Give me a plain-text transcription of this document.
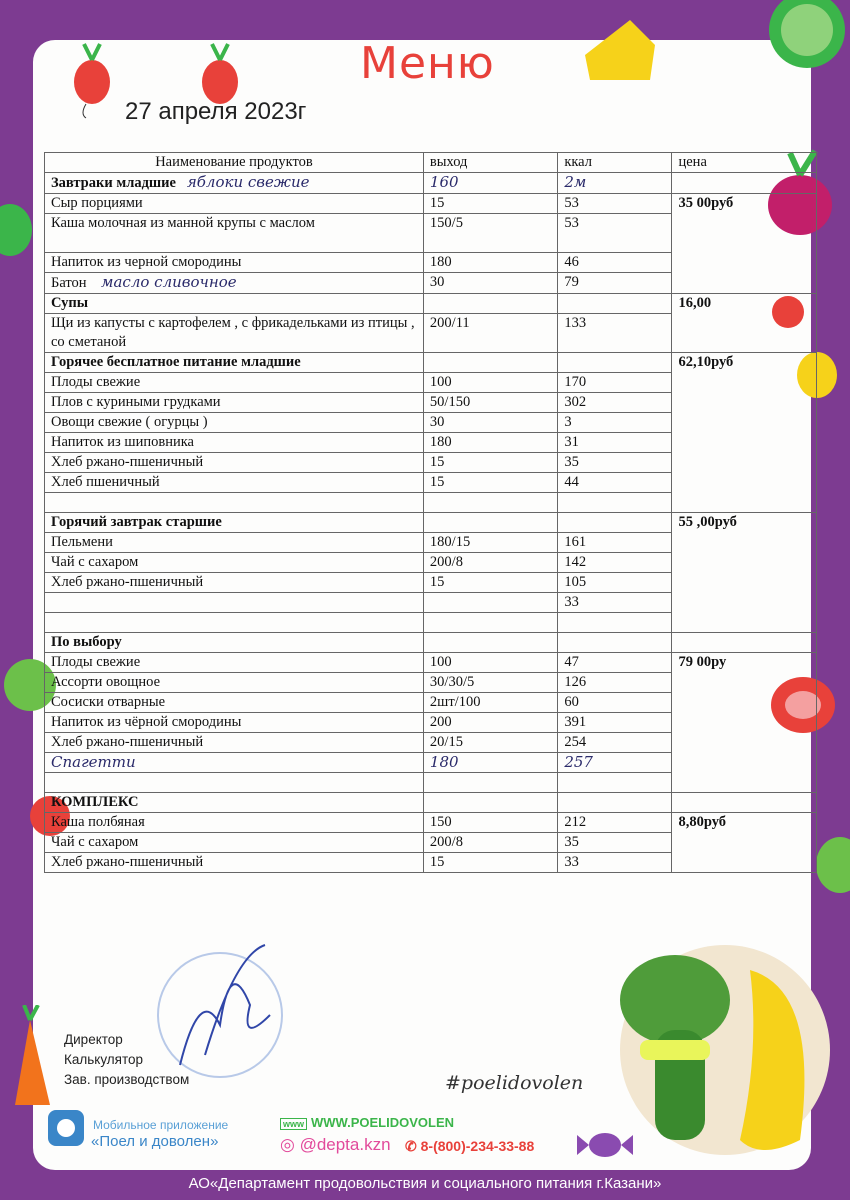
Меню
27 апреля 2023г
Наименование продуктов	выход	ккал	цена
Завтраки младшие яблоки свежие	160	2м	
Сыр порциями	15	53	35 00руб
Каша молочная из манной крупы с маслом	150/5	53	
Напиток из черной смородины	180	46	
Батон масло сливочное	30	79	
Супы			16,00
Щи из капусты с картофелем , с фрикадельками из птицы , со сметаной	200/11	133	
Горячее бесплатное питание младшие			62,10руб
Плоды свежие	100	170	
Плов с куриными грудками	50/150	302	
Овощи свежие ( огурцы )	30	3	
Напиток из шиповника	180	31	
Хлеб ржано-пшеничный	15	35	
Хлеб пшеничный	15	44	

Горячий завтрак старшие			55 ,00руб
Пельмени	180/15	161	
Чай с сахаром	200/8	142	
Хлеб ржано-пшеничный	15	105	
		33	

По выбору			
Плоды свежие	100	47	79 00ру
Ассорти овощное	30/30/5	126	
Сосиски отварные	2шт/100	60	
Напиток из чёрной смородины	200	391	
Хлеб ржано-пшеничный	20/15	254	
Спагетти	180	257	

КОМПЛЕКС			
Каша полбяная	150	212	8,80руб
Чай с сахаром	200/8	35	
Хлеб ржано-пшеничный	15	33	
Директор
Калькулятор
Зав. производством	#poelidovolen
Мобильное приложение
«Поел и доволен»
www WWW.POELIDOVOLEN
◎ @depta.kzn ✆ 8-(800)-234-33-88
АО«Департамент продовольствия и социального питания г.Казани»
